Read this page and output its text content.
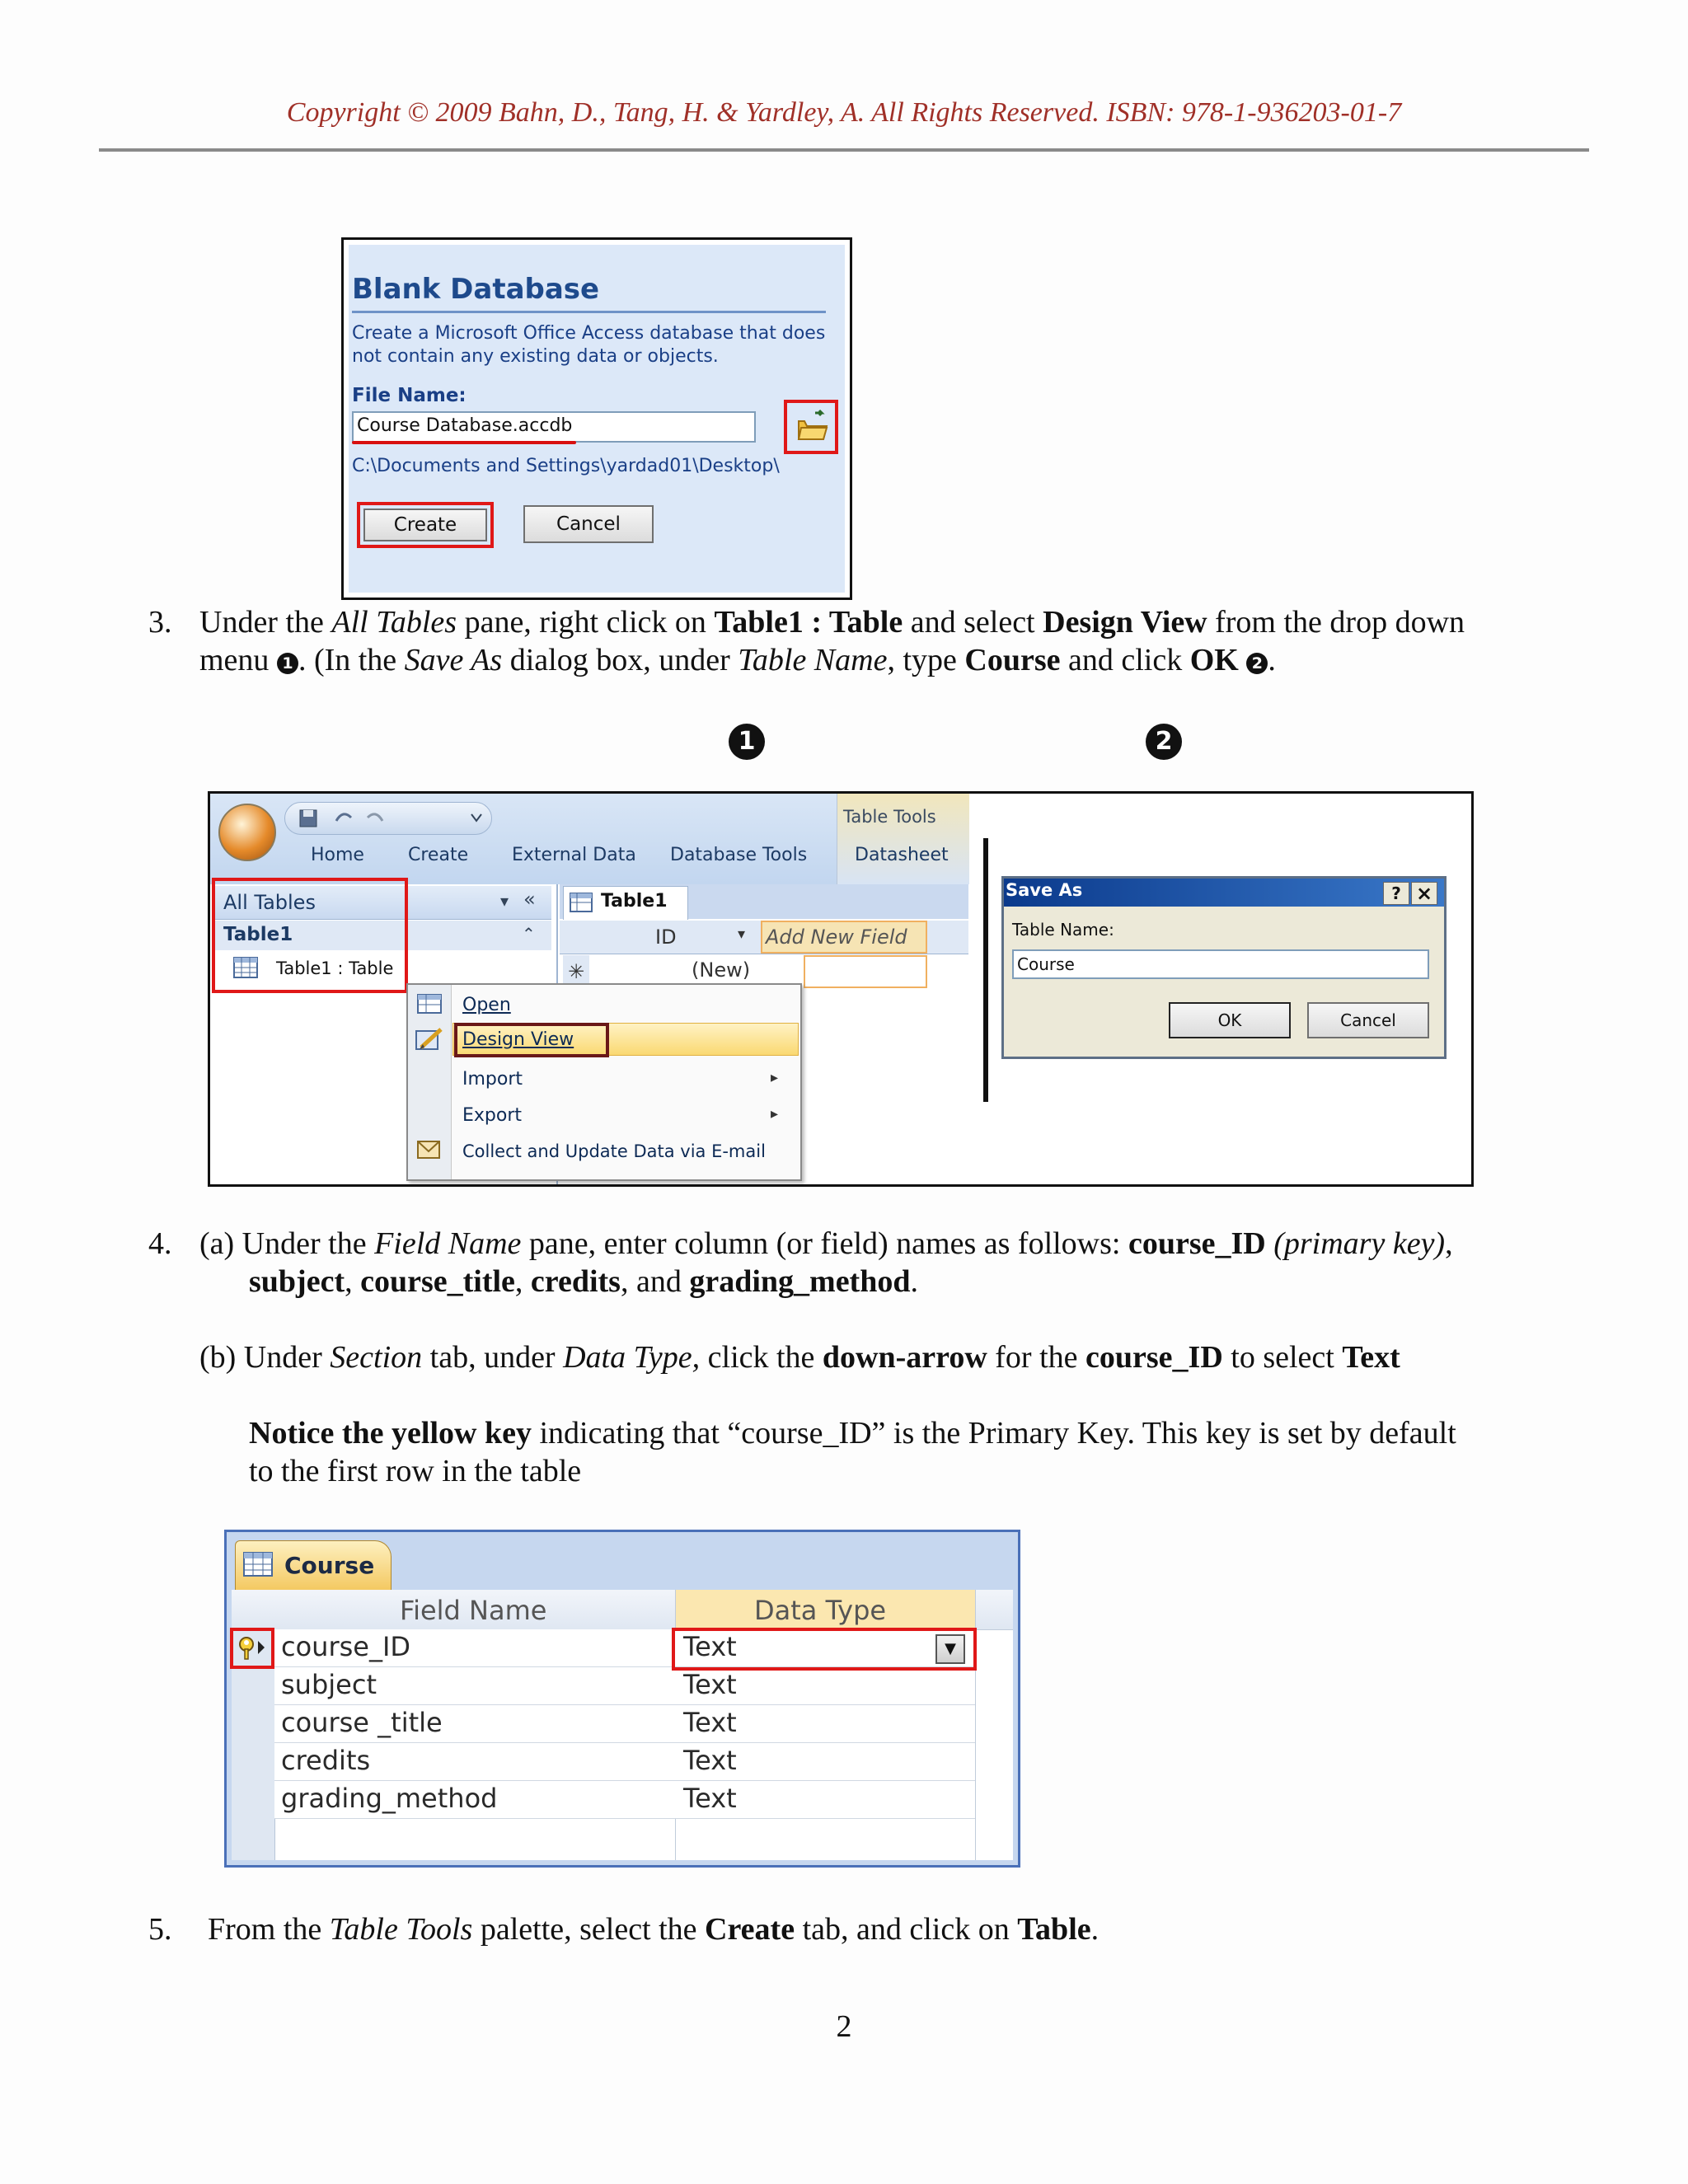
Copyright © 2009 Bahn, D., Tang, H. & Yardley, A. All Rights Reserved. ISBN: 978-1-936203-01-7
Blank Database
Create a Microsoft Office Access database that does
not contain any existing data or objects.
File Name:
Course Database.accdb
C:\Documents and Settings\yardad01\Desktop\
Create	Cancel
3. Under the All Tables pane, right click on Table1 : Table and select Design View from the drop down
menu 1 . (In the Save As dialog box, under Table Name, type Course and click OK 2 .
1	2
Table Tools
Home Create External Data Database Tools	Datasheet
All Tables	▾ «
Table1	⌃
Table1 : Table
Table1
ID	▾ Add New Field
✳	(New)
Open
Design View
Import	▸
Export	▸
Collect and Update Data via E-mail
Save As	? ×
Table Name:
Course
OK	Cancel
4. (a) Under the Field Name pane, enter column (or field) names as follows: course_ID (primary key),
subject, course_title, credits, and grading_method.
(b) Under Section tab, under Data Type, click the down-arrow for the course_ID to select Text
Notice the yellow key indicating that “course_ID” is the Primary Key. This key is set by default
to the first row in the table
Course
Field Name	Data Type
course_ID	Text
subject	Text
course _title	Text
credits	Text
grading_method	Text
▼
5. From the Table Tools palette, select the Create tab, and click on Table.
2
